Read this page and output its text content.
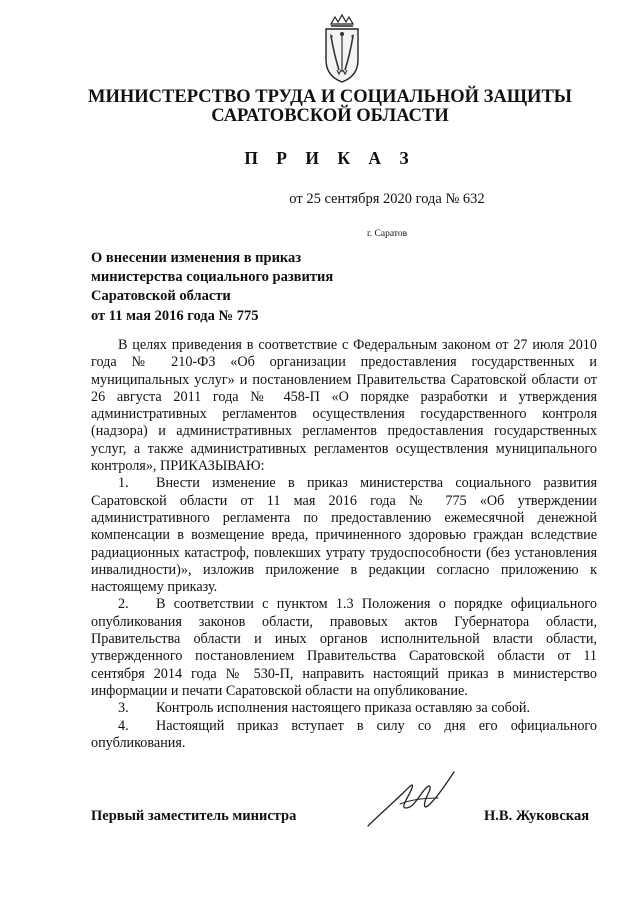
МИНИСТЕРСТВО ТРУДА И СОЦИАЛЬНОЙ ЗАЩИТЫ
САРАТОВСКОЙ ОБЛАСТИ
П Р И К А З
от 25 сентября 2020 года № 632
г. Саратов
О внесении изменения в приказ
министерства социального развития
Саратовской области
от 11 мая 2016 года № 775

В целях приведения в соответствие с Федеральным законом от 27 июля 2010 года № 210-ФЗ «Об организации предоставления государственных и муниципальных услуг» и постановлением Правительства Саратовской области от 26 августа 2011 года № 458-П «О порядке разработки и утверждения административных регламентов осуществления государственного контроля (надзора) и административных регламентов предоставления государственных услуг, а также административных регламентов осуществления муниципального контроля», ПРИКАЗЫВАЮ:

1. Внести изменение в приказ министерства социального развития Саратовской области от 11 мая 2016 года № 775 «Об утверждении административного регламента по предоставлению ежемесячной денежной компенсации в возмещение вреда, причиненного здоровью граждан вследствие радиационных катастроф, повлекших утрату трудоспособности (без установления инвалидности)», изложив приложение в редакции согласно приложению к настоящему приказу.

2. В соответствии с пунктом 1.3 Положения о порядке официального опубликования законов области, правовых актов Губернатора области, Правительства области и иных органов исполнительной власти области, утвержденного постановлением Правительства Саратовской области от 11 сентября 2014 года № 530-П, направить настоящий приказ в министерство информации и печати Саратовской области на опубликование.

3. Контроль исполнения настоящего приказа оставляю за собой.

4. Настоящий приказ вступает в силу со дня его официального опубликования.

Первый заместитель министра	Н.В. Жуковская
